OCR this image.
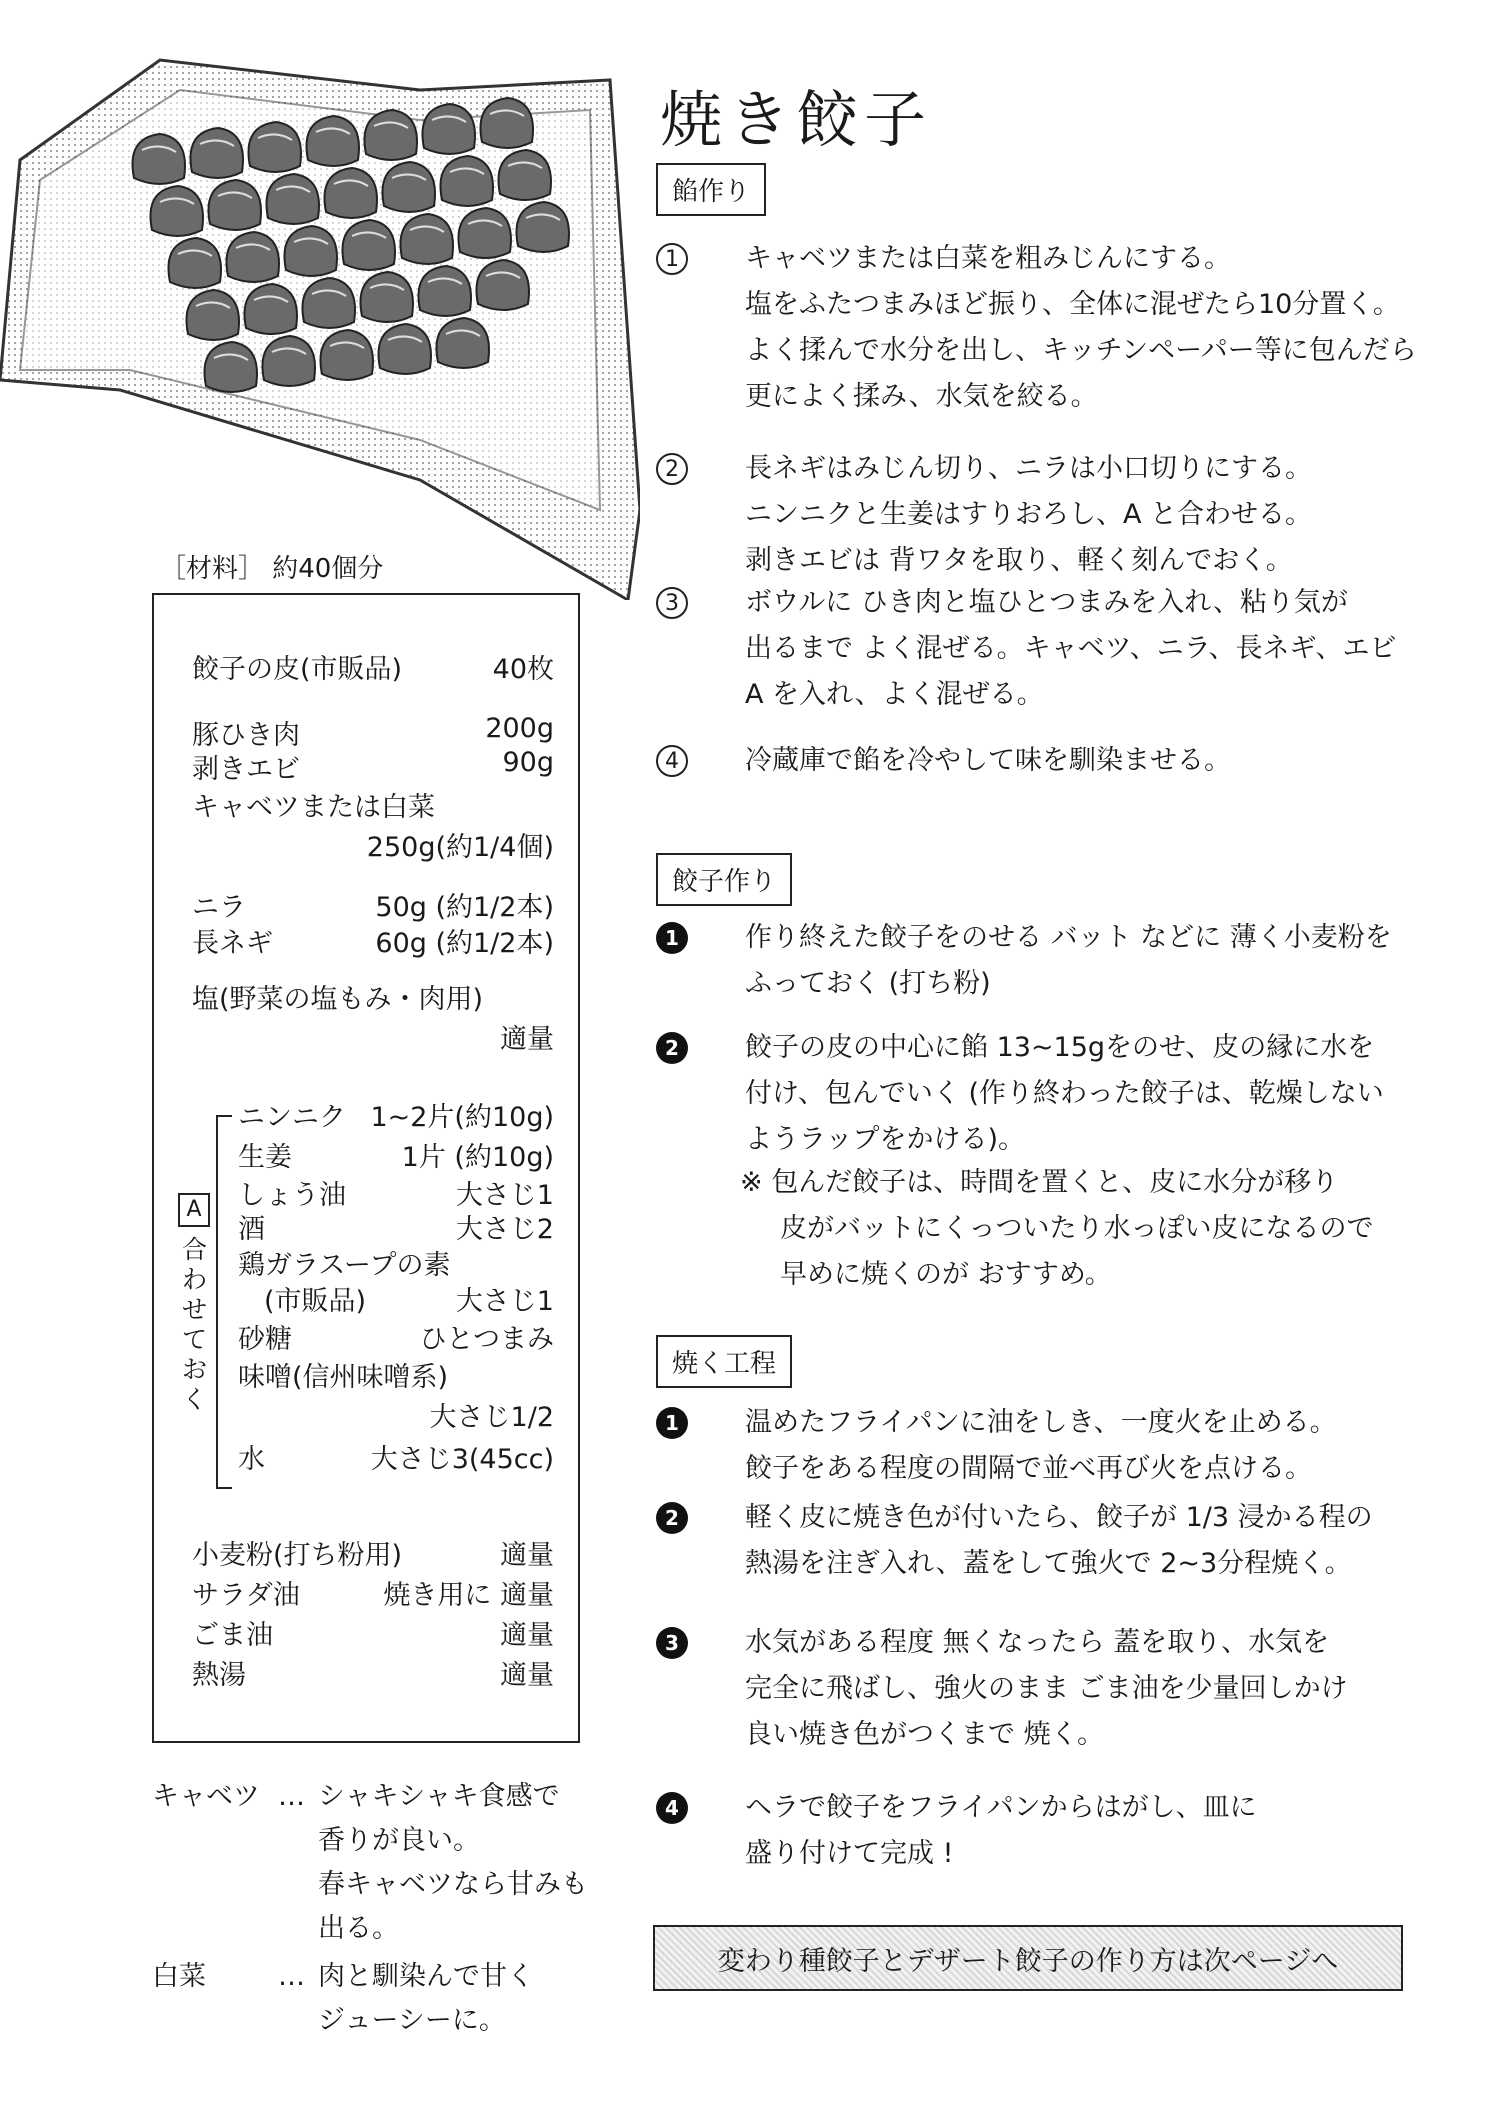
焼き餃子
［材料］ 約40個分
餃子の皮(市販品)	40枚
豚ひき肉	200g
剥きエビ	90g
キャベツまたは白菜
250g(約1/4個)
ニラ	50g (約1/2本)
長ネギ	60g (約1/2本)
塩(野菜の塩もみ・肉用)
適量
ニンニク 1~2片(約10g)
生姜	1片 (約10g)
しょう油	大さじ1
酒	大さじ2
鶏ガラスープの素
(市販品)	大さじ1
砂糖	ひとつまみ
味噌(信州味噌系)
大さじ1/2
水	大さじ3(45cc)
小麦粉(打ち粉用)	適量
サラダ油	焼き用に 適量
ごま油	適量
熱湯	適量
A
合わせておく
キャベツ … シャキシャキ食感で
香りが良い。
春キャベツなら甘みも
出る。
白菜	… 肉と馴染んで甘く
ジューシーに。
餡作り
1	キャベツまたは白菜を粗みじんにする。
塩をふたつまみほど振り、全体に混ぜたら10分置く。
よく揉んで水分を出し、キッチンペーパー等に包んだら
更によく揉み、水気を絞る。
2	長ネギはみじん切り、ニラは小口切りにする。
ニンニクと生姜はすりおろし、A と合わせる。
剥きエビは 背ワタを取り、軽く刻んでおく。
3	ボウルに ひき肉と塩ひとつまみを入れ、粘り気が
出るまで よく混ぜる。キャベツ、ニラ、長ネギ、エビ
A を入れ、よく混ぜる。
4	冷蔵庫で餡を冷やして味を馴染ませる。
餃子作り
1	作り終えた餃子をのせる バット などに 薄く小麦粉を
ふっておく (打ち粉)
2	餃子の皮の中心に餡 13~15gをのせ、皮の縁に水を
付け、包んでいく (作り終わった餃子は、乾燥しない
ようラップをかける)。
※ 包んだ餃子は、時間を置くと、皮に水分が移り
皮がバットにくっついたり水っぽい皮になるので
早めに焼くのが おすすめ。
焼く工程
1	温めたフライパンに油をしき、一度火を止める。
餃子をある程度の間隔で並べ再び火を点ける。
2	軽く皮に焼き色が付いたら、餃子が 1/3 浸かる程の
熱湯を注ぎ入れ、蓋をして強火で 2~3分程焼く。
3	水気がある程度 無くなったら 蓋を取り、水気を
完全に飛ばし、強火のまま ごま油を少量回しかけ
良い焼き色がつくまで 焼く。
4	ヘラで餃子をフライパンからはがし、皿に
盛り付けて完成 !
変わり種餃子とデザート餃子の作り方は次ページへ
